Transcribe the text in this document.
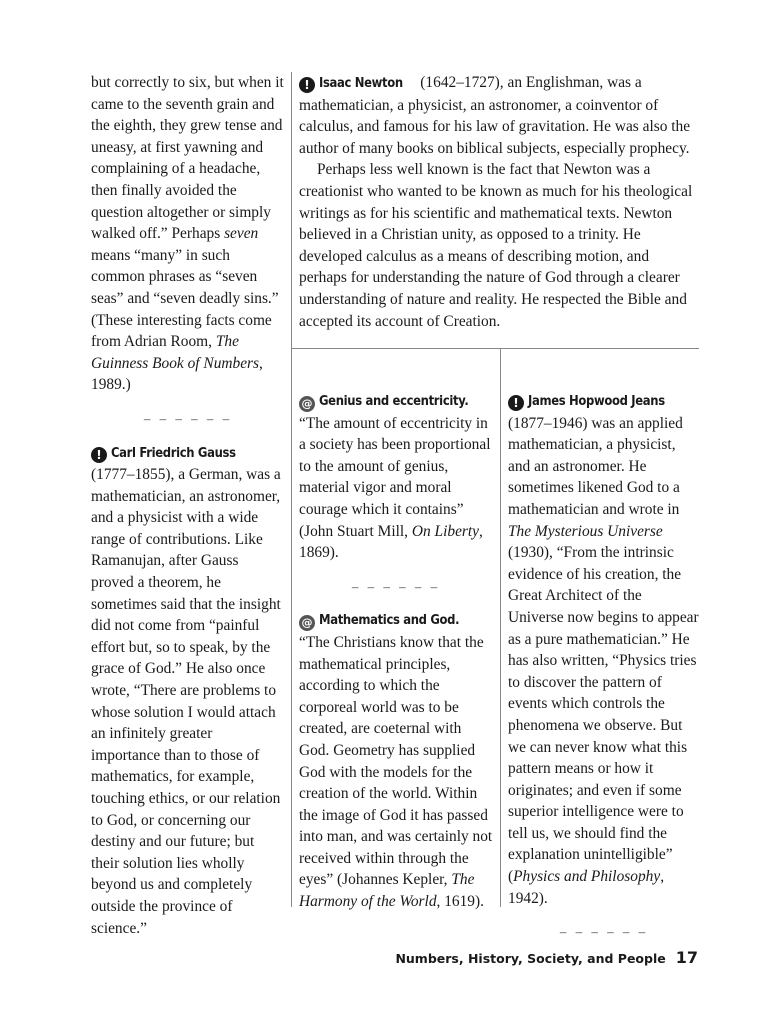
but correctly to six, but when it came to the seventh grain and the eighth, they grew tense and uneasy, at first yawning and complaining of a headache, then finally avoided the question altogether or simply walked off.” Perhaps seven means “many” in such common phrases as “seven seas” and “seven deadly sins.” (These interesting facts come from Adrian Room, The Guinness Book of Numbers, 1989.)

– – – – – –

! Carl Friedrich Gauss
(1777–1855), a German, was a mathematician, an astronomer, and a physicist with a wide range of contributions. Like Ramanujan, after Gauss proved a theorem, he sometimes said that the insight did not come from “painful effort but, so to speak, by the grace of God.” He also once wrote, “There are problems to whose solution I would attach an infinitely greater importance than to those of mathematics, for example, touching ethics, or our relation to God, or concerning our destiny and our future; but their solution lies wholly beyond us and completely outside the province of science.”

! Isaac Newton (1642–1727), an Englishman, was a mathematician, a physicist, an astronomer, a coinventor of calculus, and famous for his law of gravitation. He was also the author of many books on biblical subjects, especially prophecy.

Perhaps less well known is the fact that Newton was a creationist who wanted to be known as much for his theological writings as for his scientific and mathematical texts. Newton believed in a Christian unity, as opposed to a trinity. He developed calculus as a means of describing motion, and perhaps for understanding the nature of God through a clearer understanding of nature and reality. He respected the Bible and accepted its account of Creation.

@ Genius and eccentricity. “The amount of eccentricity in a society has been proportional to the amount of genius, material vigor and moral courage which it contains” (John Stuart Mill, On Liberty, 1869).

– – – – – –

@ Mathematics and God. “The Christians know that the mathematical principles, according to which the corporeal world was to be created, are coeternal with God. Geometry has supplied God with the models for the creation of the world. Within the image of God it has passed into man, and was certainly not received within through the eyes” (Johannes Kepler, The Harmony of the World, 1619).

! James Hopwood Jeans
(1877–1946) was an applied mathematician, a physicist, and an astronomer. He sometimes likened God to a mathematician and wrote in The Mysterious Universe (1930), “From the intrinsic evidence of his creation, the Great Architect of the Universe now begins to appear as a pure mathematician.” He has also written, “Physics tries to discover the pattern of events which controls the phenomena we observe. But we can never know what this pattern means or how it originates; and even if some superior intelligence were to tell us, we should find the explanation unintelligible” (Physics and Philosophy, 1942).

– – – – – –
Numbers, History, Society, and People 17
